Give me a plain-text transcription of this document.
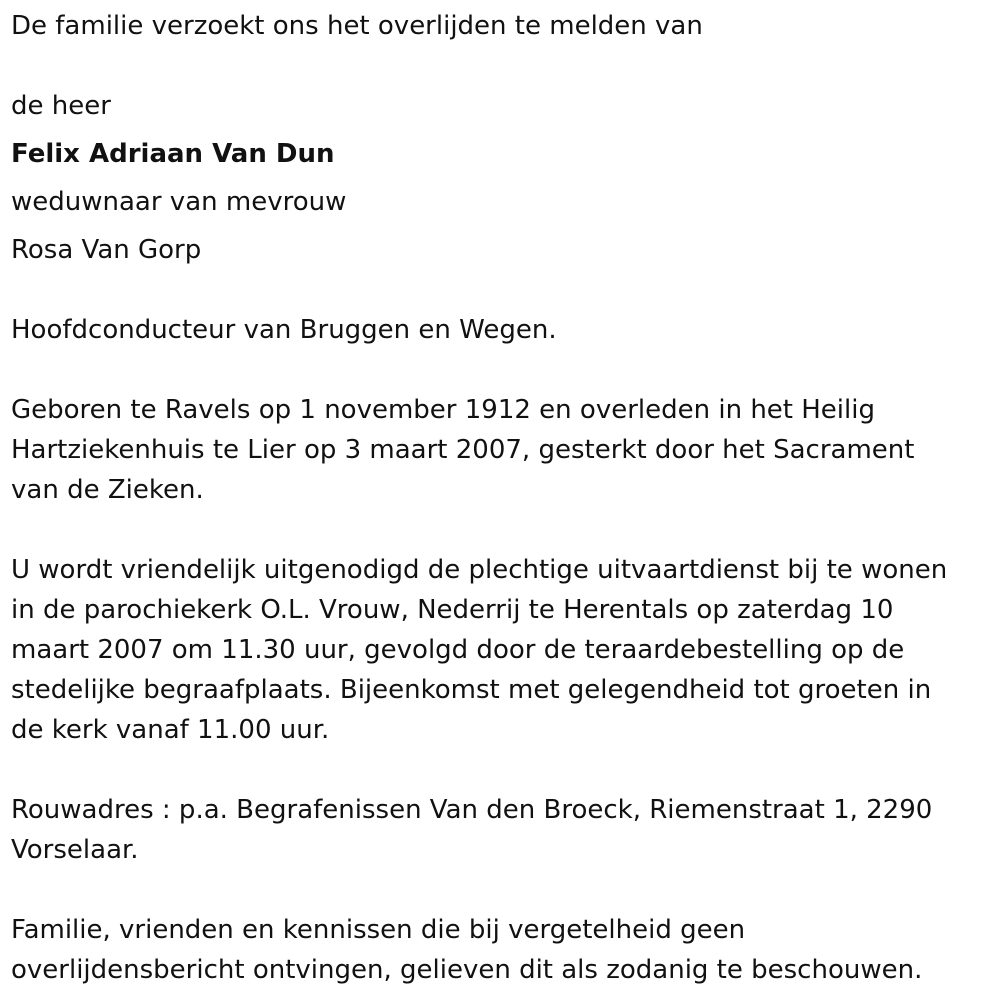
De familie verzoekt ons het overlijden te melden van

de heer

Felix Adriaan Van Dun

weduwnaar van mevrouw

Rosa Van Gorp

Hoofdconducteur van Bruggen en Wegen.

Geboren te Ravels op 1 november 1912 en overleden in het Heilig

Hartziekenhuis te Lier op 3 maart 2007, gesterkt door het Sacrament

van de Zieken.

U wordt vriendelijk uitgenodigd de plechtige uitvaartdienst bij te wonen

in de parochiekerk O.L. Vrouw, Nederrij te Herentals op zaterdag 10

maart 2007 om 11.30 uur, gevolgd door de teraardebestelling op de

stedelijke begraafplaats. Bijeenkomst met gelegendheid tot groeten in

de kerk vanaf 11.00 uur.

Rouwadres : p.a. Begrafenissen Van den Broeck, Riemenstraat 1, 2290

Vorselaar.

Familie, vrienden en kennissen die bij vergetelheid geen

overlijdensbericht ontvingen, gelieven dit als zodanig te beschouwen.
